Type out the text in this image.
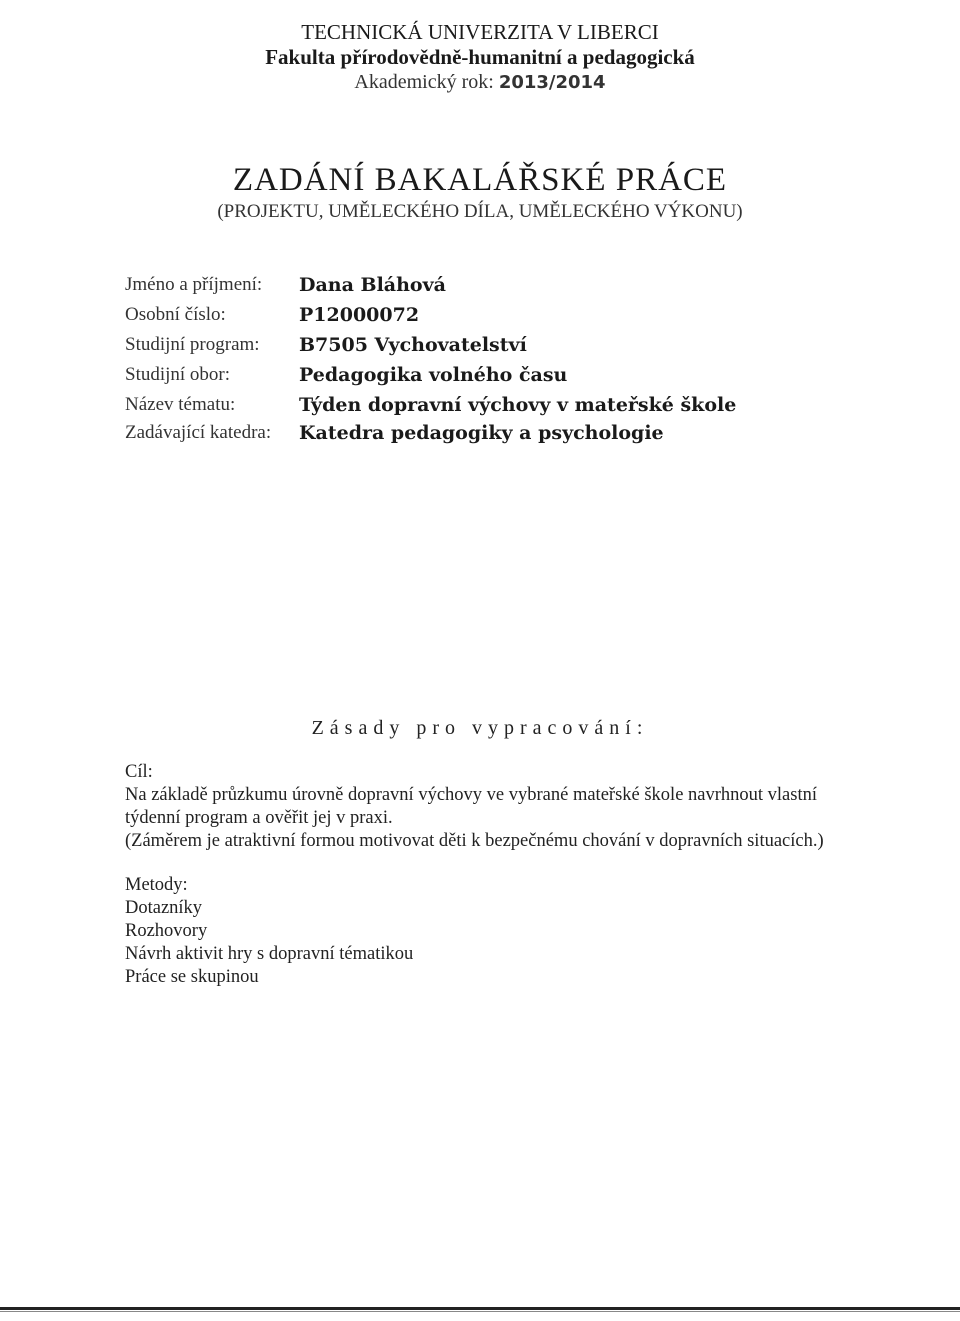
TECHNICKÁ UNIVERZITA V LIBERCI
Fakulta přírodovědně-humanitní a pedagogická
Akademický rok: 2013/2014
ZADÁNÍ BAKALÁŘSKÉ PRÁCE
(PROJEKTU, UMĚLECKÉHO DÍLA, UMĚLECKÉHO VÝKONU)
Jméno a příjmení: Dana Bláhová
Osobní číslo:	P12000072
Studijní program: B7505 Vychovatelství
Studijní obor:	Pedagogika volného času
Název tématu:	Týden dopravní výchovy v mateřské škole
Zadávající katedra: Katedra pedagogiky a psychologie
Zásady pro vypracování:
Cíl:
Na základě průzkumu úrovně dopravní výchovy ve vybrané mateřské škole navrhnout vlastní
týdenní program a ověřit jej v praxi.
(Záměrem je atraktivní formou motivovat děti k bezpečnému chování v dopravních situacích.)
Metody:
Dotazníky
Rozhovory
Návrh aktivit hry s dopravní tématikou
Práce se skupinou
